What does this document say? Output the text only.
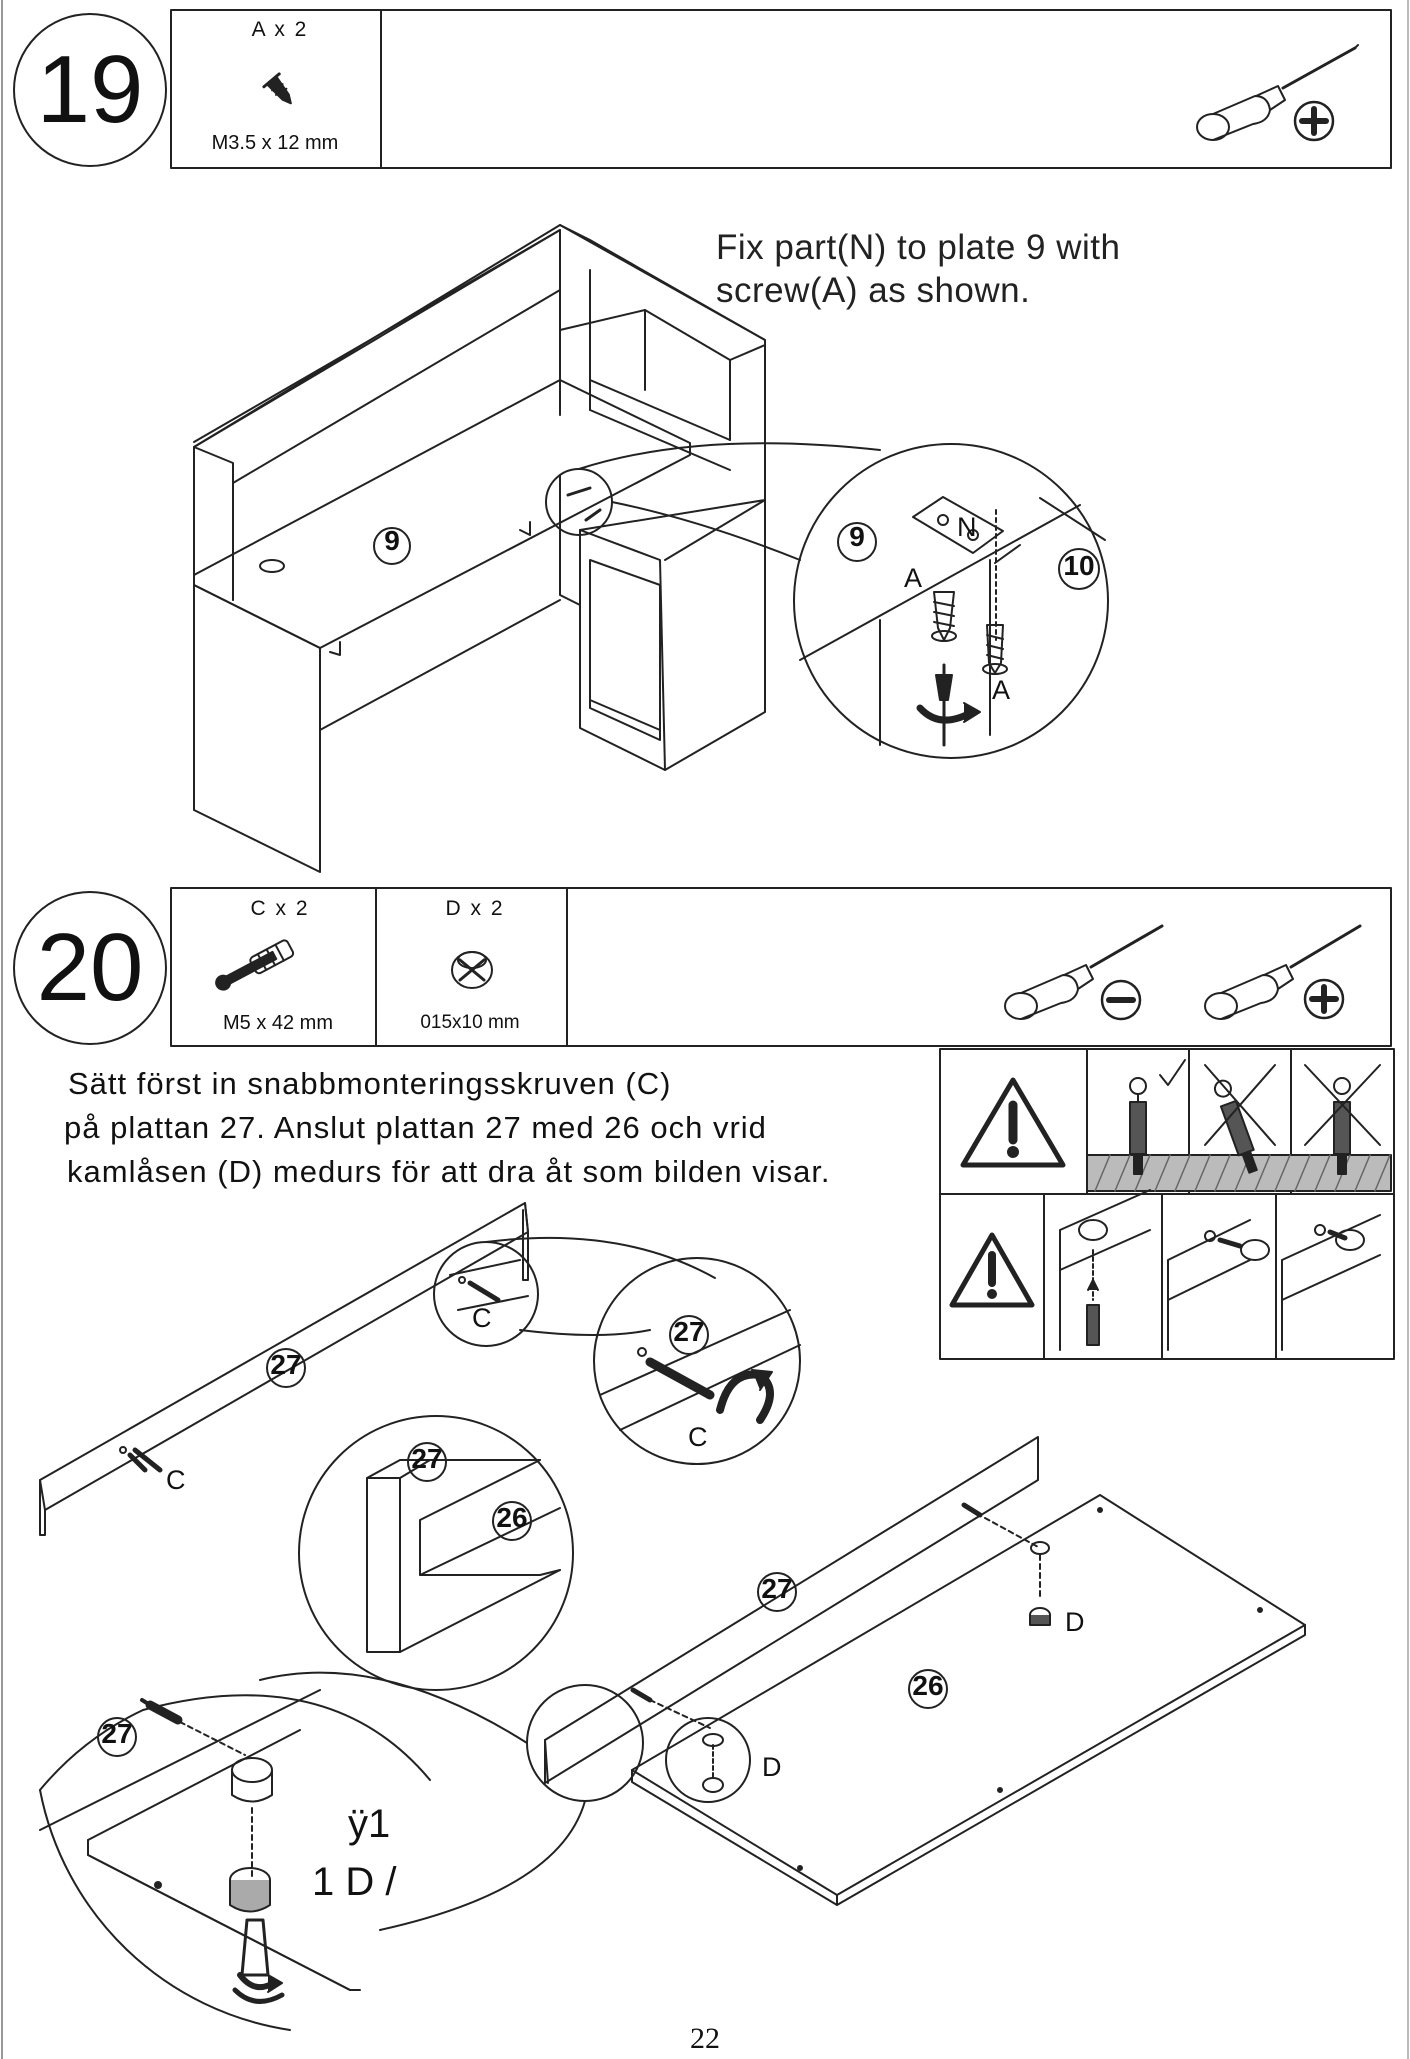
19
A x 2
M3.5 x 12 mm
Fix part(N) to plate 9 with
screw(A) as shown.
9	9
10
N
A
A
20
C x 2
M5 x 42 mm
D x 2
015x10 mm
Sätt först in snabbmonteringsskruven (C)
på plattan 27. Anslut plattan 27 med 26 och vrid
kamlåsen (D) medurs för att dra åt som bilden visar.
27
27
27
26
27
26
27
C
C
C
D
D
ÿ1
1 D /
22
